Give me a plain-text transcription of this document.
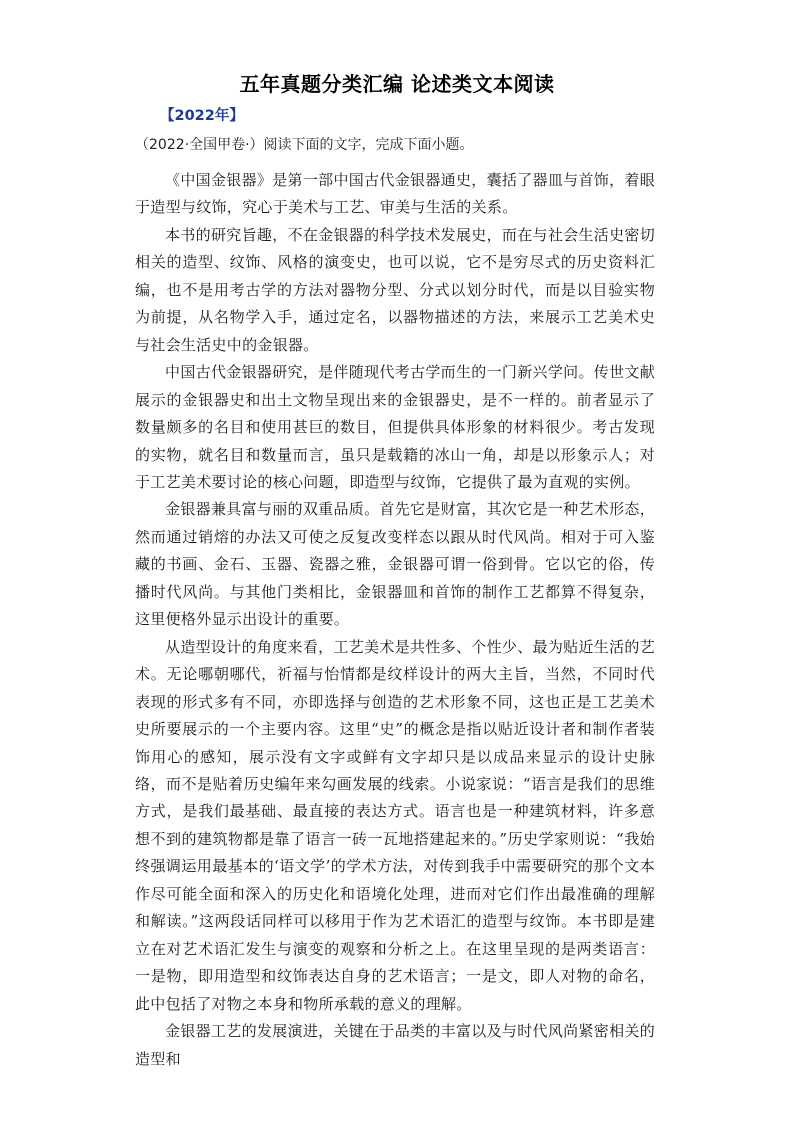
五年真题分类汇编 论述类文本阅读
【2022年】
（2022·全国甲卷·）阅读下面的文字，完成下面小题。

《中国金银器》是第一部中国古代金银器通史，囊括了器皿与首饰，着眼于造型与纹饰，究心于美术与工艺、审美与生活的关系。

本书的研究旨趣，不在金银器的科学技术发展史，而在与社会生活史密切相关的造型、纹饰、风格的演变史，也可以说，它不是穷尽式的历史资料汇编，也不是用考古学的方法对器物分型、分式以划分时代，而是以目验实物为前提，从名物学入手，通过定名，以器物描述的方法，来展示工艺美术史与社会生活史中的金银器。

中国古代金银器研究，是伴随现代考古学而生的一门新兴学问。传世文献展示的金银器史和出土文物呈现出来的金银器史，是不一样的。前者显示了数量颇多的名目和使用甚巨的数目，但提供具体形象的材料很少。考古发现的实物，就名目和数量而言，虽只是载籍的冰山一角，却是以形象示人；对于工艺美术要讨论的核心问题，即造型与纹饰，它提供了最为直观的实例。

金银器兼具富与丽的双重品质。首先它是财富，其次它是一种艺术形态，然而通过销熔的办法又可使之反复改变样态以跟从时代风尚。相对于可入鉴藏的书画、金石、玉器、瓷器之雅，金银器可谓一俗到骨。它以它的俗，传播时代风尚。与其他门类相比，金银器皿和首饰的制作工艺都算不得复杂，这里便格外显示出设计的重要。

从造型设计的角度来看，工艺美术是共性多、个性少、最为贴近生活的艺术。无论哪朝哪代，祈福与怡情都是纹样设计的两大主旨，当然，不同时代表现的形式多有不同，亦即选择与创造的艺术形象不同，这也正是工艺美术史所要展示的一个主要内容。这里“史”的概念是指以贴近设计者和制作者装饰用心的感知，展示没有文字或鲜有文字却只是以成品来显示的设计史脉络，而不是贴着历史编年来勾画发展的线索。小说家说：“语言是我们的思维方式，是我们最基础、最直接的表达方式。语言也是一种建筑材料，许多意想不到的建筑物都是靠了语言一砖一瓦地搭建起来的。”历史学家则说：“我始终强调运用最基本的‘语文学’的学术方法，对传到我手中需要研究的那个文本作尽可能全面和深入的历史化和语境化处理，进而对它们作出最准确的理解和解读。”这两段话同样可以移用于作为艺术语汇的造型与纹饰。本书即是建立在对艺术语汇发生与演变的观察和分析之上。在这里呈现的是两类语言：一是物，即用造型和纹饰表达自身的艺术语言；一是文，即人对物的命名，此中包括了对物之本身和物所承载的意义的理解。

金银器工艺的发展演进，关键在于品类的丰富以及与时代风尚紧密相关的造型和
